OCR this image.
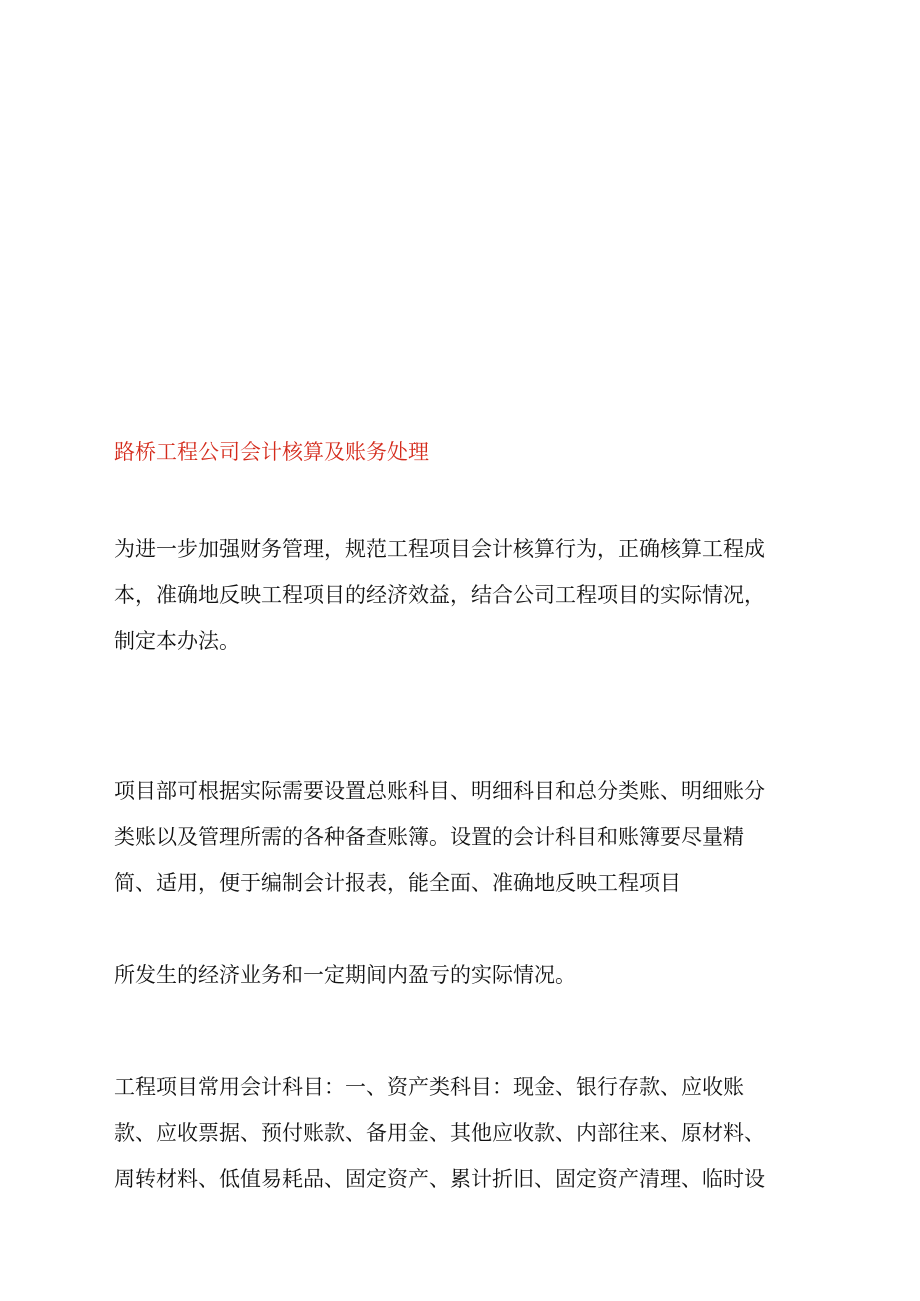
路桥工程公司会计核算及账务处理
为进一步加强财务管理，规范工程项目会计核算行为，正确核算工程成
本，准确地反映工程项目的经济效益，结合公司工程项目的实际情况，
制定本办法。
项目部可根据实际需要设置总账科目、明细科目和总分类账、明细账分
类账以及管理所需的各种备查账簿。设置的会计科目和账簿要尽量精
简、适用，便于编制会计报表，能全面、准确地反映工程项目
所发生的经济业务和一定期间内盈亏的实际情况。
工程项目常用会计科目：一、资产类科目：现金、银行存款、应收账
款、应收票据、预付账款、备用金、其他应收款、内部往来、原材料、
周转材料、低值易耗品、固定资产、累计折旧、固定资产清理、临时设
